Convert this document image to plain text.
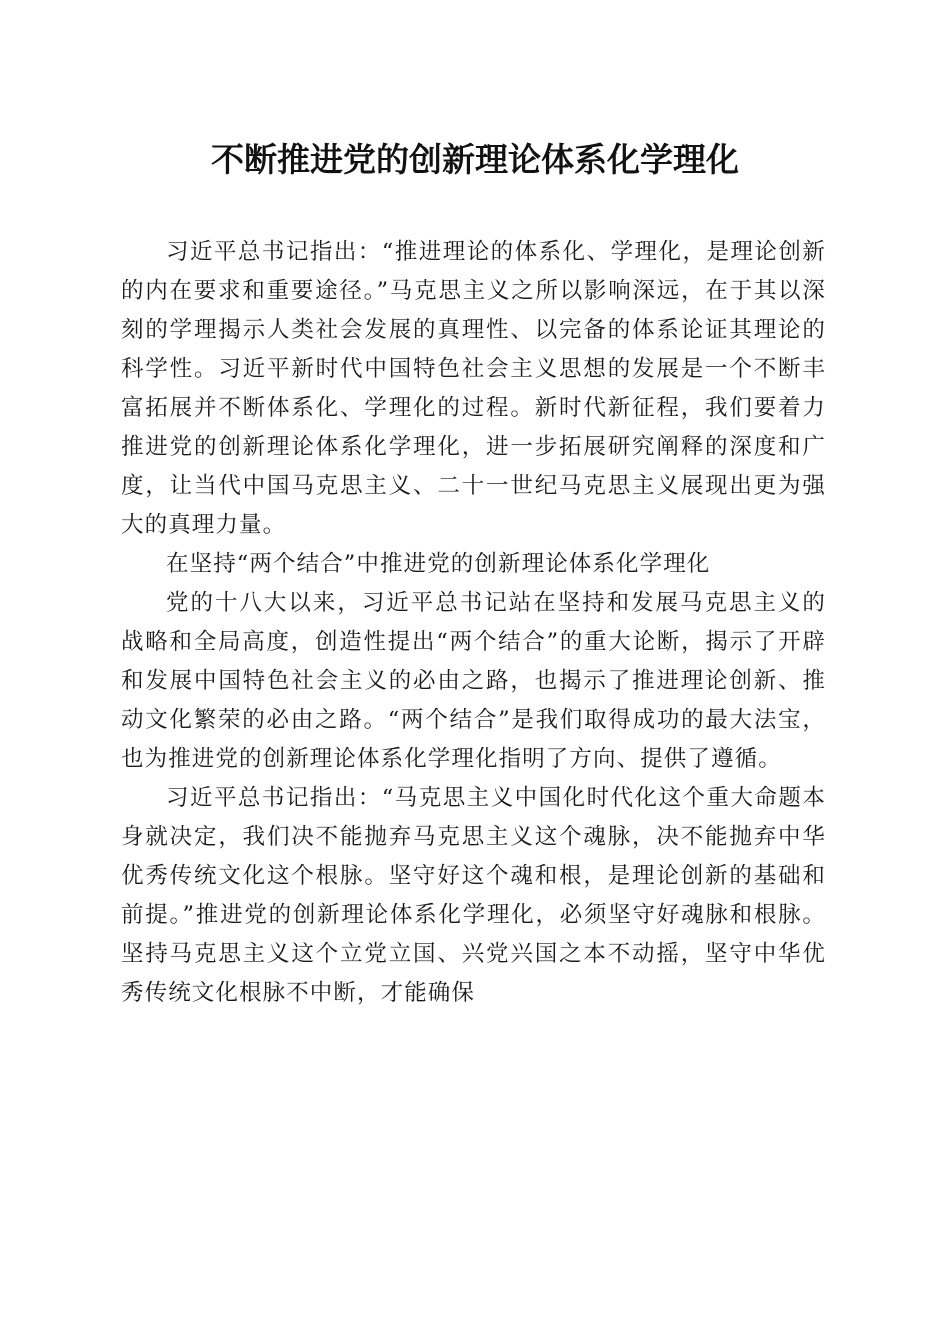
不断推进党的创新理论体系化学理化

习近平总书记指出：“推进理论的体系化、学理化，是理论创新的内在要求和重要途径。”马克思主义之所以影响深远，在于其以深刻的学理揭示人类社会发展的真理性、以完备的体系论证其理论的科学性。习近平新时代中国特色社会主义思想的发展是一个不断丰富拓展并不断体系化、学理化的过程。新时代新征程，我们要着力推进党的创新理论体系化学理化，进一步拓展研究阐释的深度和广度，让当代中国马克思主义、二十一世纪马克思主义展现出更为强大的真理力量。

在坚持“两个结合”中推进党的创新理论体系化学理化

党的十八大以来，习近平总书记站在坚持和发展马克思主义的战略和全局高度，创造性提出“两个结合”的重大论断，揭示了开辟和发展中国特色社会主义的必由之路，也揭示了推进理论创新、推动文化繁荣的必由之路。“两个结合”是我们取得成功的最大法宝，也为推进党的创新理论体系化学理化指明了方向、提供了遵循。

习近平总书记指出：“马克思主义中国化时代化这个重大命题本身就决定，我们决不能抛弃马克思主义这个魂脉，决不能抛弃中华优秀传统文化这个根脉。坚守好这个魂和根，是理论创新的基础和前提。”推进党的创新理论体系化学理化，必须坚守好魂脉和根脉。坚持马克思主义这个立党立国、兴党兴国之本不动摇，坚守中华优秀传统文化根脉不中断，才能确保
